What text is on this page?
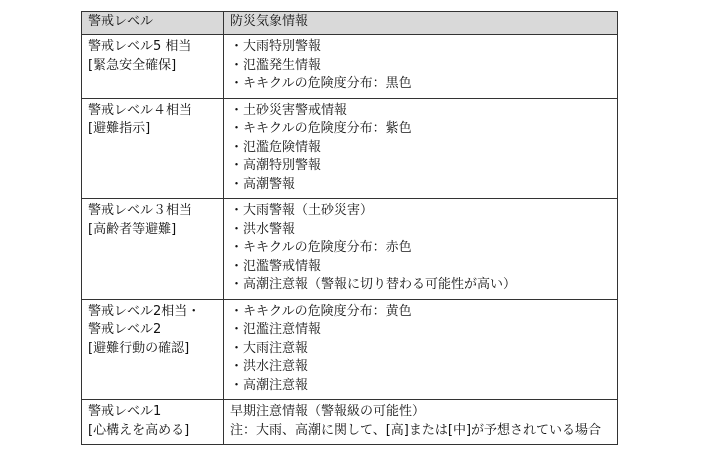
警戒レベル	防災気象情報

警戒レベル5 相当
[緊急安全確保]	・大雨特別警報
・氾濫発生情報
・キキクルの危険度分布：黒色

警戒レベル４相当
[避難指示]	・土砂災害警戒情報
・キキクルの危険度分布：紫色
・氾濫危険情報
・高潮特別警報
・高潮警報

警戒レベル３相当
[高齢者等避難]	・大雨警報（土砂災害）
・洪水警報
・キキクルの危険度分布：赤色
・氾濫警戒情報
・高潮注意報（警報に切り替わる可能性が高い）

警戒レベル2相当・
警戒レベル2
[避難行動の確認]	・キキクルの危険度分布：黄色
・氾濫注意情報
・大雨注意報
・洪水注意報
・高潮注意報

警戒レベル1
[心構えを高める]	早期注意情報（警報級の可能性）
注：大雨、高潮に関して、[高]または[中]が予想されている場合
